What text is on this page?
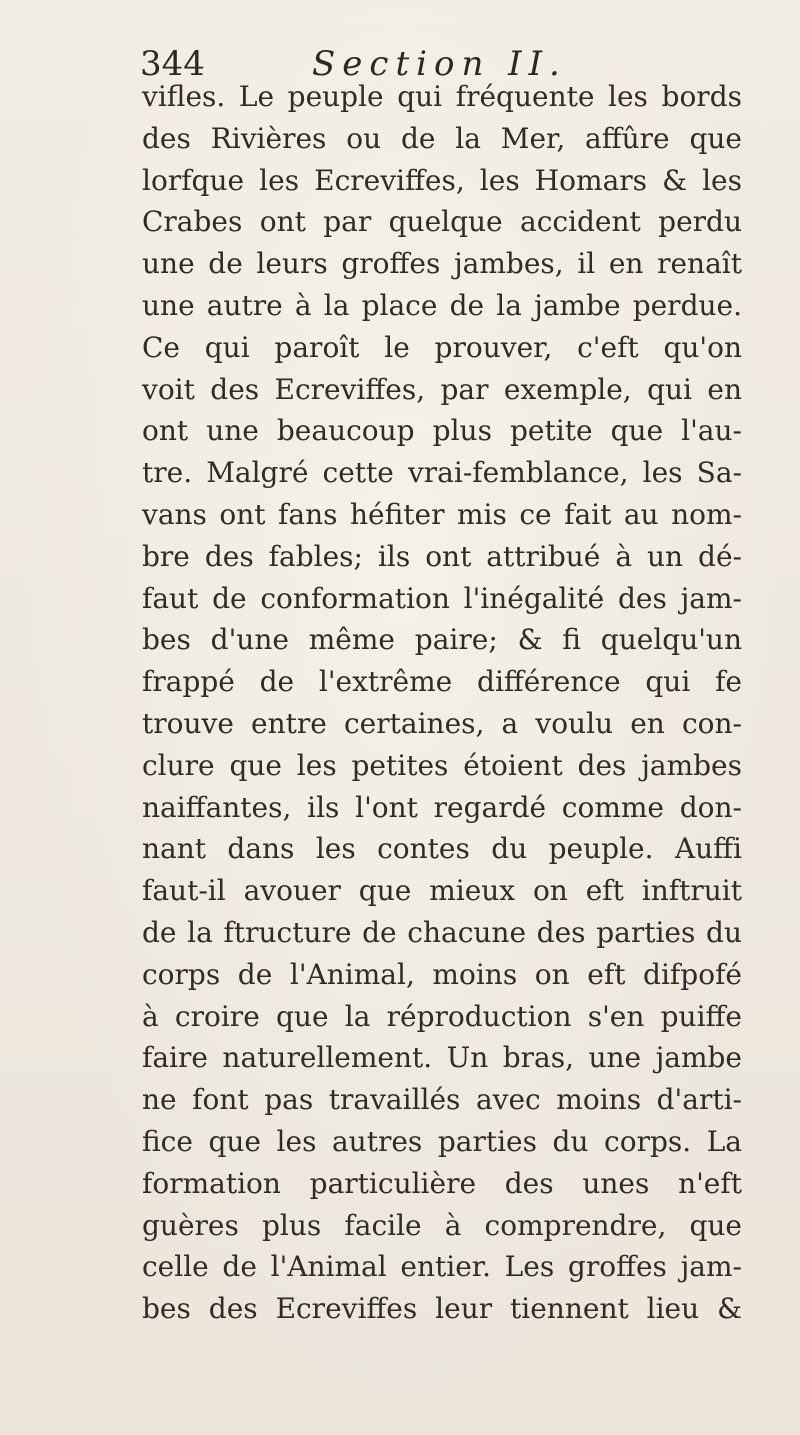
344	Section II.
vifles. Le peuple qui fréquente les bords
des Rivières ou de la Mer, affûre que
lorfque les Ecreviffes, les Homars & les
Crabes ont par quelque accident perdu
une de leurs groffes jambes, il en renaît
une autre à la place de la jambe perdue.
Ce qui paroît le prouver, c'eft qu'on
voit des Ecreviffes, par exemple, qui en
ont une beaucoup plus petite que l'au-
tre. Malgré cette vrai-femblance, les Sa-
vans ont fans héfiter mis ce fait au nom-
bre des fables; ils ont attribué à un dé-
faut de conformation l'inégalité des jam-
bes d'une même paire; & fi quelqu'un
frappé de l'extrême différence qui fe
trouve entre certaines, a voulu en con-
clure que les petites étoient des jambes
naiffantes, ils l'ont regardé comme don-
nant dans les contes du peuple. Auffi
faut-il avouer que mieux on eft inftruit
de la ftructure de chacune des parties du
corps de l'Animal, moins on eft difpofé
à croire que la réproduction s'en puiffe
faire naturellement. Un bras, une jambe
ne font pas travaillés avec moins d'arti-
fice que les autres parties du corps. La
formation particulière des unes n'eft
guères plus facile à comprendre, que
celle de l'Animal entier. Les groffes jam-
bes des Ecreviffes leur tiennent lieu &
